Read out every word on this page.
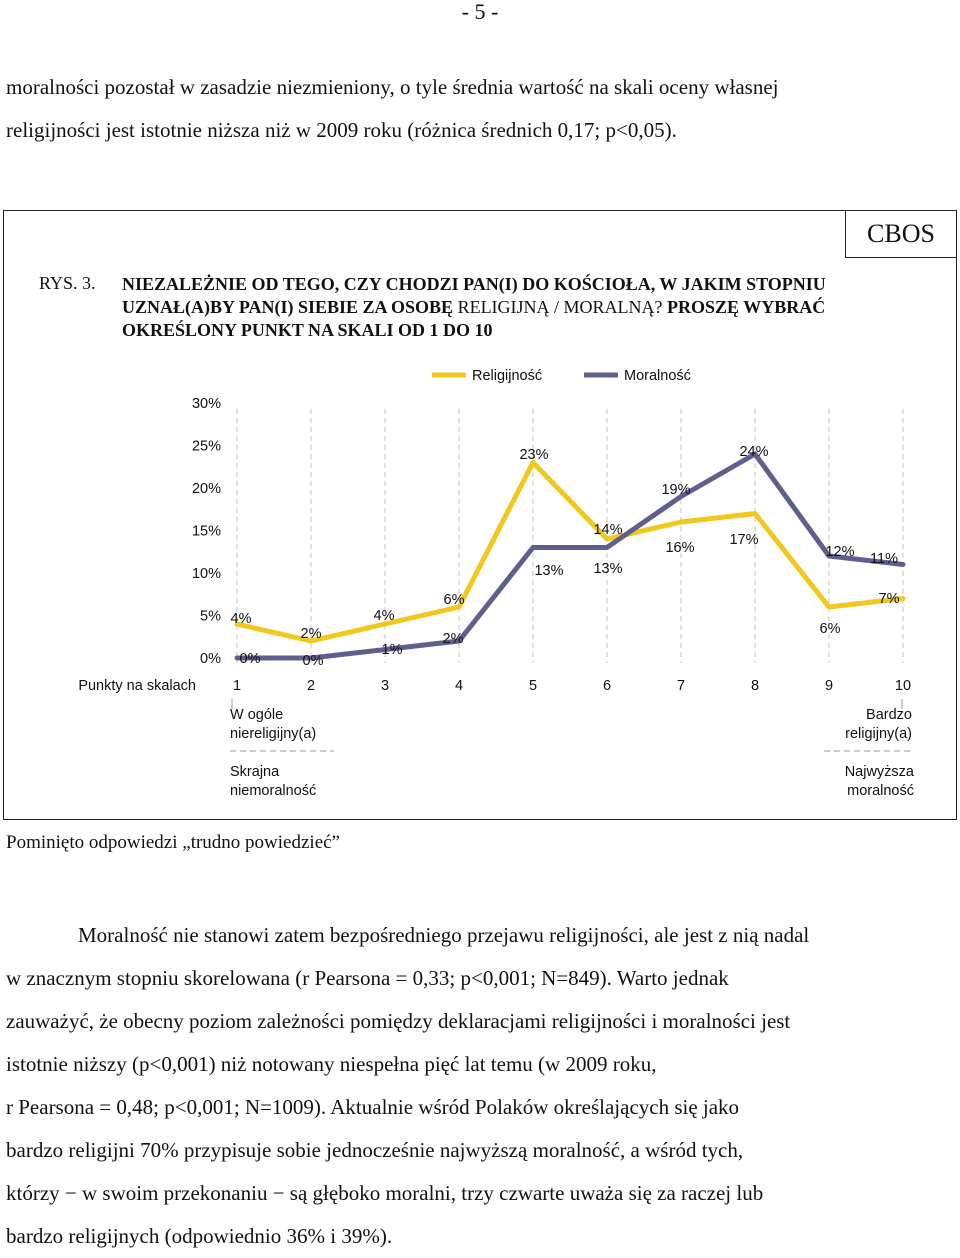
- 5 -

moralności pozostał w zasadzie niezmieniony, o tyle średnia wartość na skali oceny własnej

religijności jest istotnie niższa niż w 2009 roku (różnica średnich 0,17; p<0,05).

CBOS
RYS. 3. NIEZALEŻNIE OD TEGO, CZY CHODZI PAN(I) DO KOŚCIOŁA, W JAKIM STOPNIU UZNAŁ(A)BY PAN(I) SIEBIE ZA OSOBĘ RELIGIJNĄ / MORALNĄ? PROSZĘ WYBRAĆ OKREŚLONY PUNKT NA SKALI OD 1 DO 10
Religijność	Moralność
0%
5%
10%
15%
20%
25%
30%
4%
2%
4%
6%
13%
14%
16% 17%
6%
7%
0%	0%
1%
2%
23%
13%
19%
24%
12% 11%
Punkty na skalach	1	2	3	4	5	6	7	8	9	10
W ogóle
niereligijny(a)
Bardzo
religijny(a)
Skrajna
niemoralność
Najwyższa
moralność
Pominięto odpowiedzi „trudno powiedzieć”

Moralność nie stanowi zatem bezpośredniego przejawu religijności, ale jest z nią nadal

w znacznym stopniu skorelowana (r Pearsona = 0,33; p<0,001; N=849). Warto jednak

zauważyć, że obecny poziom zależności pomiędzy deklaracjami religijności i moralności jest

istotnie niższy (p<0,001) niż notowany niespełna pięć lat temu (w 2009 roku,

r Pearsona = 0,48; p<0,001; N=1009). Aktualnie wśród Polaków określających się jako

bardzo religijni 70% przypisuje sobie jednocześnie najwyższą moralność, a wśród tych,

którzy − w swoim przekonaniu − są głęboko moralni, trzy czwarte uważa się za raczej lub

bardzo religijnych (odpowiednio 36% i 39%).
